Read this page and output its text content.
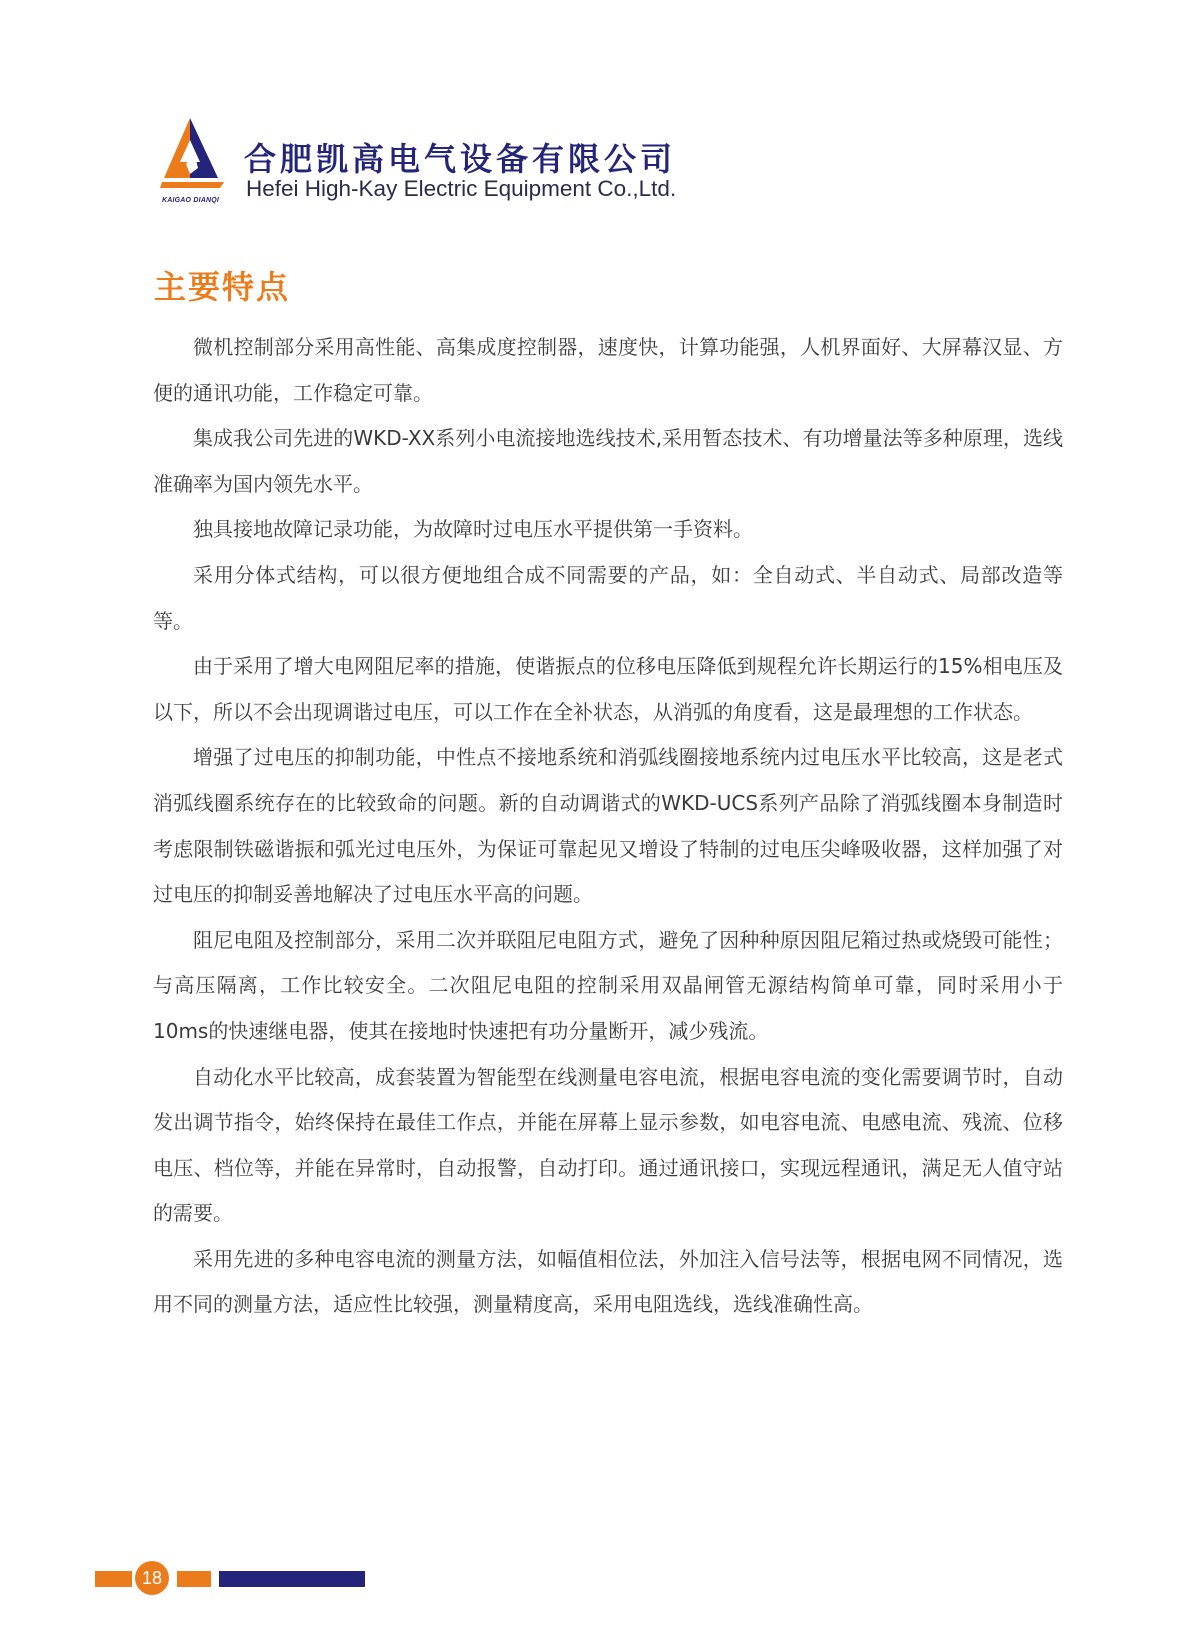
KAIGAO DIANQI
合肥凯高电气设备有限公司
Hefei High-Kay Electric Equipment Co.,Ltd.
主要特点

微机控制部分采用高性能、高集成度控制器，速度快，计算功能强，人机界面好、大屏幕汉显、方便的通讯功能，工作稳定可靠。

集成我公司先进的WKD-XX系列小电流接地选线技术,采用暂态技术、有功增量法等多种原理，选线准确率为国内领先水平。

独具接地故障记录功能，为故障时过电压水平提供第一手资料。

采用分体式结构，可以很方便地组合成不同需要的产品，如：全自动式、半自动式、局部改造等等。

由于采用了增大电网阻尼率的措施，使谐振点的位移电压降低到规程允许长期运行的15%相电压及以下，所以不会出现调谐过电压，可以工作在全补状态，从消弧的角度看，这是最理想的工作状态。

增强了过电压的抑制功能，中性点不接地系统和消弧线圈接地系统内过电压水平比较高，这是老式消弧线圈系统存在的比较致命的问题。新的自动调谐式的WKD-UCS系列产品除了消弧线圈本身制造时考虑限制铁磁谐振和弧光过电压外，为保证可靠起见又增设了特制的过电压尖峰吸收器，这样加强了对过电压的抑制妥善地解决了过电压水平高的问题。

阻尼电阻及控制部分，采用二次并联阻尼电阻方式，避免了因种种原因阻尼箱过热或烧毁可能性；与高压隔离，工作比较安全。二次阻尼电阻的控制采用双晶闸管无源结构简单可靠，同时采用小于10ms的快速继电器，使其在接地时快速把有功分量断开，减少残流。

自动化水平比较高，成套装置为智能型在线测量电容电流，根据电容电流的变化需要调节时，自动发出调节指令，始终保持在最佳工作点，并能在屏幕上显示参数，如电容电流、电感电流、残流、位移电压、档位等，并能在异常时，自动报警，自动打印。通过通讯接口，实现远程通讯，满足无人值守站的需要。

采用先进的多种电容电流的测量方法，如幅值相位法，外加注入信号法等，根据电网不同情况，选用不同的测量方法，适应性比较强，测量精度高，采用电阻选线，选线准确性高。

18
